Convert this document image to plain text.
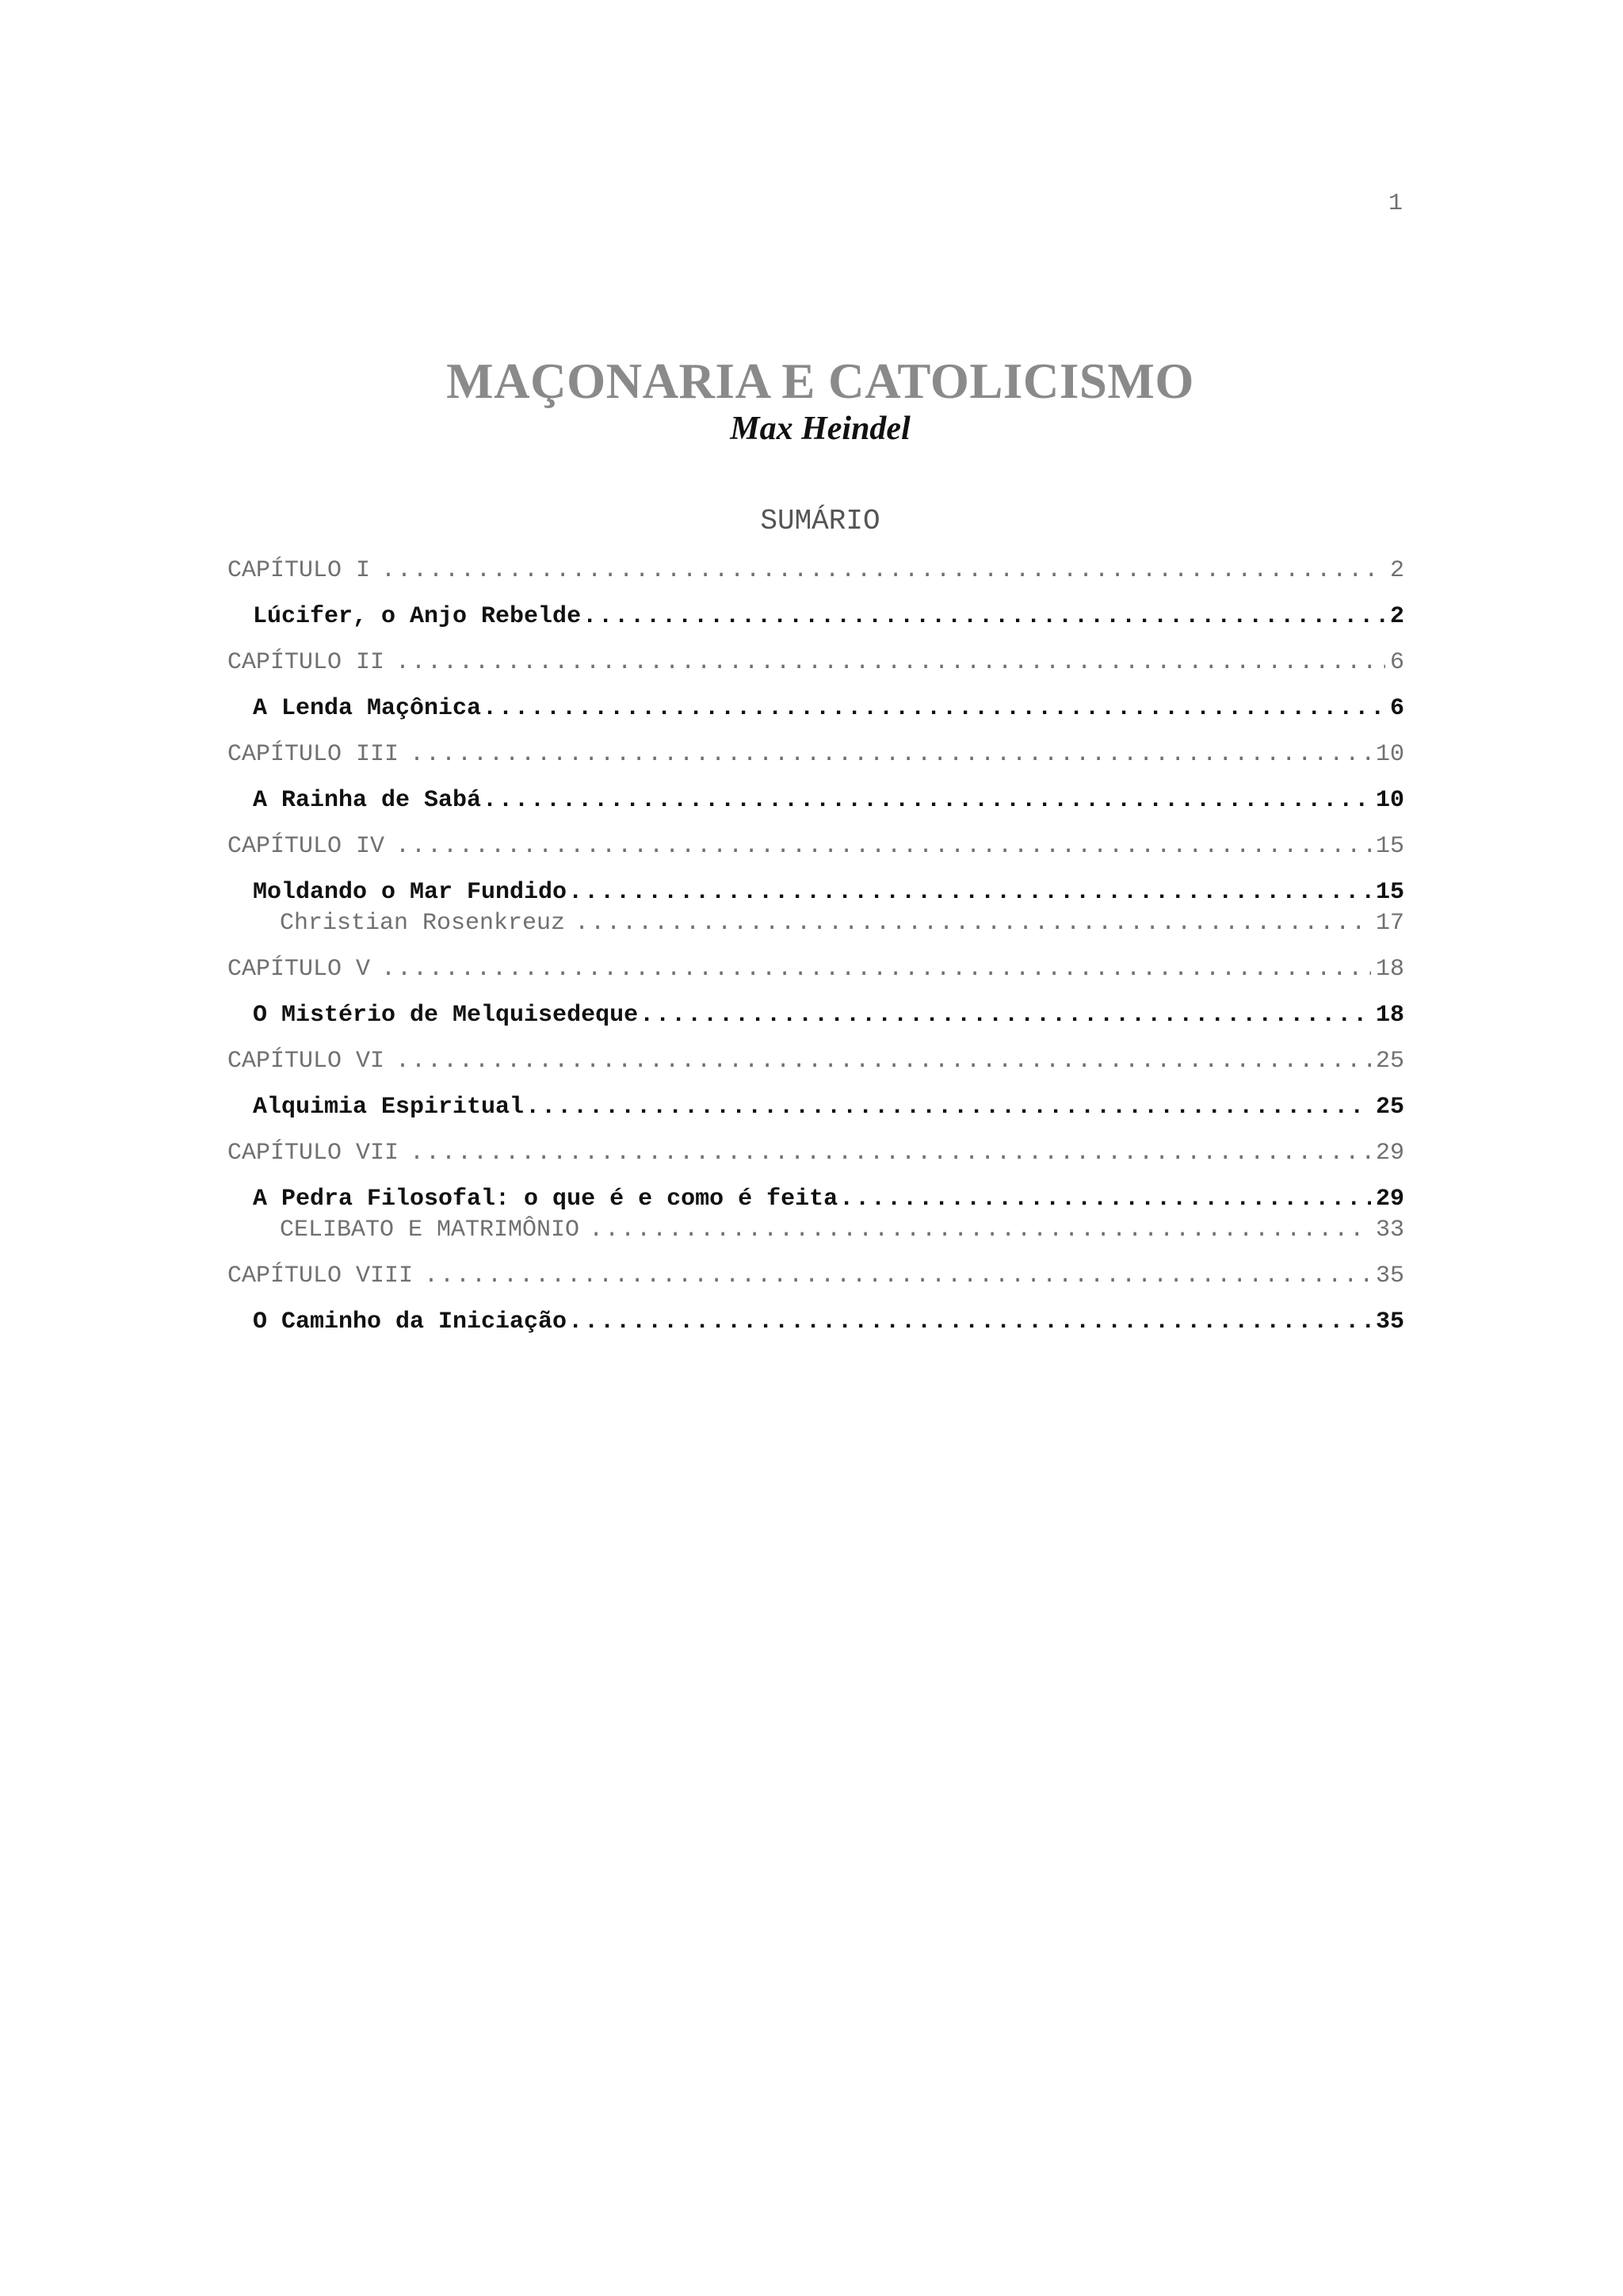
1
MAÇONARIA E CATOLICISMO
Max Heindel
SUMÁRIO
CAPÍTULO I .....	2
Lúcifer, o Anjo Rebelde .....	2
CAPÍTULO II .....	6
A Lenda Maçônica .....	6
CAPÍTULO III .....	10
A Rainha de Sabá .....	10
CAPÍTULO IV .....	15
Moldando o Mar Fundido .....	15
Christian Rosenkreuz .....	17
CAPÍTULO V .....	18
O Mistério de Melquisedeque .....	18
CAPÍTULO VI .....	25
Alquimia Espiritual .....	25
CAPÍTULO VII .....	29
A Pedra Filosofal: o que é e como é feita .....	29
CELIBATO E MATRIMÔNIO .....	33
CAPÍTULO VIII .....	35
O Caminho da Iniciação .....	35
